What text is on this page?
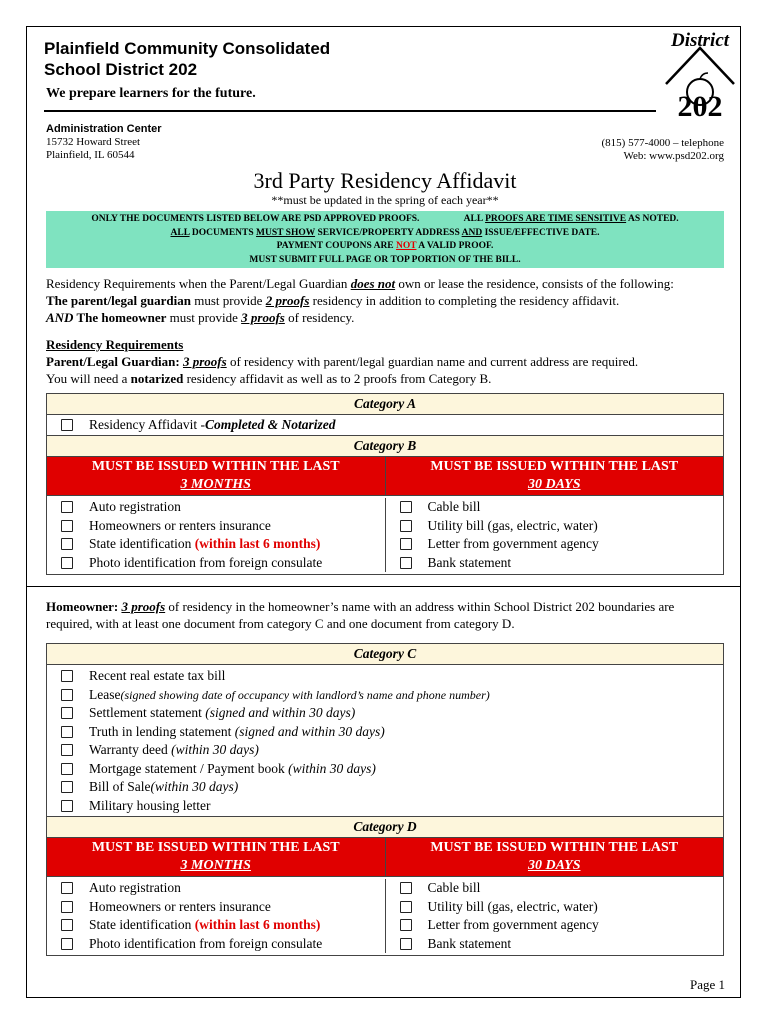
Plainfield Community Consolidated
School District 202
We prepare learners for the future.
District
202
Administration Center
15732 Howard Street
Plainfield, IL 60544
(815) 577-4000 – telephone
Web: www.psd202.org
3rd Party Residency Affidavit
**must be updated in the spring of each year**
ONLY THE DOCUMENTS LISTED BELOW ARE PSD APPROVED PROOFS.	ALL PROOFS ARE TIME SENSITIVE AS NOTED.
ALL DOCUMENTS MUST SHOW SERVICE/PROPERTY ADDRESS AND ISSUE/EFFECTIVE DATE.
PAYMENT COUPONS ARE NOT A VALID PROOF.
MUST SUBMIT FULL PAGE OR TOP PORTION OF THE BILL.
Residency Requirements when the Parent/Legal Guardian does not own or lease the residence, consists of the following:
The parent/legal guardian must provide 2 proofs residency in addition to completing the residency affidavit.
AND The homeowner must provide 3 proofs of residency.
Residency Requirements
Parent/Legal Guardian: 3 proofs of residency with parent/legal guardian name and current address are required.
You will need a notarized residency affidavit as well as to 2 proofs from Category B.
Category A
Residency Affidavit - Completed & Notarized
Category B
MUST BE ISSUED WITHIN THE LAST
3 MONTHS
MUST BE ISSUED WITHIN THE LAST
30 DAYS
Auto registration
Homeowners or renters insurance
State identification
(within last 6 months)
Photo identification from foreign consulate
Cable bill
Utility bill (gas, electric, water)
Letter from government agency
Bank statement
Homeowner: 3 proofs of residency in the homeowner’s name with an address within School District 202 boundaries are
required, with at least one document from category C and one document from category D.
Category C
Recent real estate tax bill
Lease (signed showing date of occupancy with landlord’s name and phone number)
Settlement statement
(signed and within 30 days)
Truth in lending statement
(signed and within 30 days)
Warranty deed
(within 30 days)
Mortgage statement / Payment book
(within 30 days)
Bill of Sale (within 30 days)
Military housing letter
Category D
MUST BE ISSUED WITHIN THE LAST
3 MONTHS
MUST BE ISSUED WITHIN THE LAST
30 DAYS
Auto registration
Homeowners or renters insurance
State identification
(within last 6 months)
Photo identification from foreign consulate
Cable bill
Utility bill (gas, electric, water)
Letter from government agency
Bank statement
Page 1
